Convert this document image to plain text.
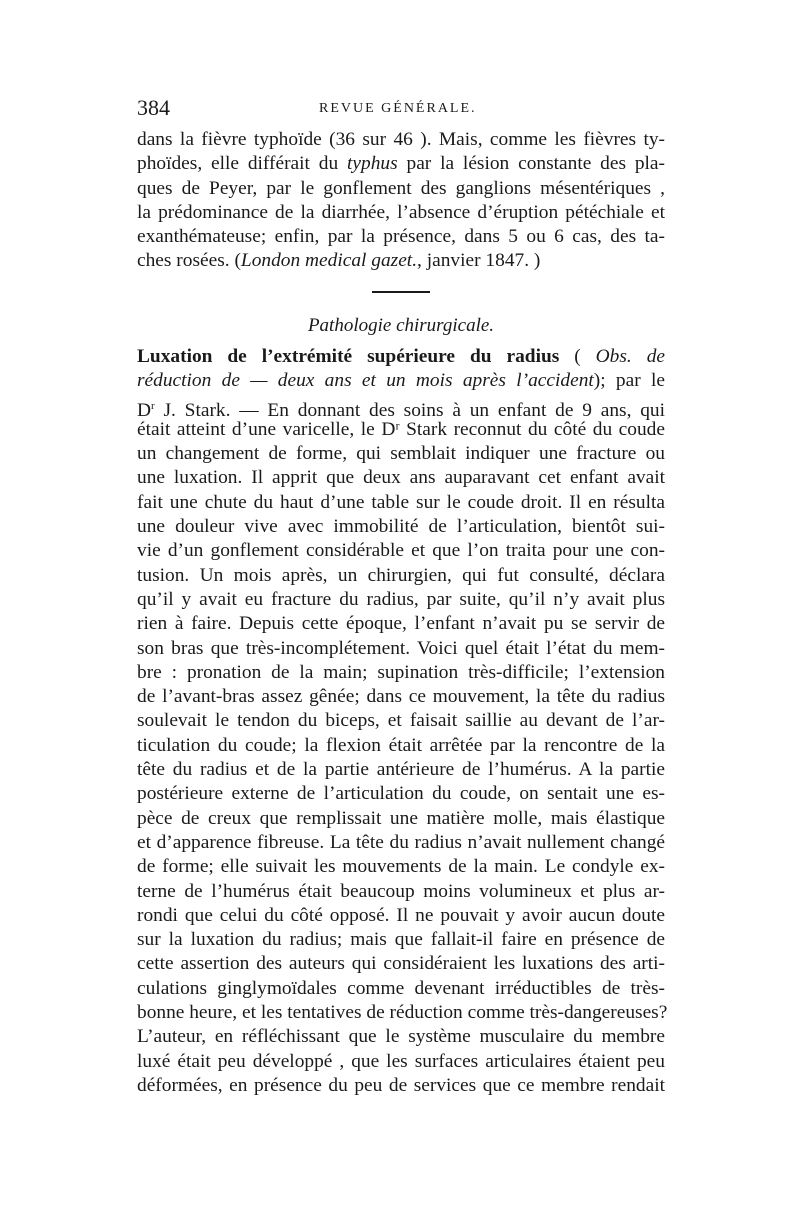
384	REVUE GÉNÉRALE.
dans la fièvre typhoïde (36 sur 46 ). Mais, comme les fièvres ty-
phoïdes, elle différait du typhus par la lésion constante des pla-
ques de Peyer, par le gonflement des ganglions mésentériques ,
la prédominance de la diarrhée, l’absence d’éruption pétéchiale et
exanthémateuse; enfin, par la présence, dans 5 ou 6 cas, des ta-
ches rosées. (London medical gazet., janvier 1847. )
Pathologie chirurgicale.
Luxation de l’extrémité supérieure du radius ( Obs. de
réduction de — deux ans et un mois après l’accident); par le
$D^r$ J. Stark. — En donnant des soins à un enfant de 9 ans, qui
était atteint d’une varicelle, le Dʳ Stark reconnut du côté du coude
un changement de forme, qui semblait indiquer une fracture ou
une luxation. Il apprit que deux ans auparavant cet enfant avait
fait une chute du haut d’une table sur le coude droit. Il en résulta
une douleur vive avec immobilité de l’articulation, bientôt sui-
vie d’un gonflement considérable et que l’on traita pour une con-
tusion. Un mois après, un chirurgien, qui fut consulté, déclara
qu’il y avait eu fracture du radius, par suite, qu’il n’y avait plus
rien à faire. Depuis cette époque, l’enfant n’avait pu se servir de
son bras que très-incomplétement. Voici quel était l’état du mem-
bre : pronation de la main; supination très-difficile; l’extension
de l’avant-bras assez gênée; dans ce mouvement, la tête du radius
soulevait le tendon du biceps, et faisait saillie au devant de l’ar-
ticulation du coude; la flexion était arrêtée par la rencontre de la
tête du radius et de la partie antérieure de l’humérus. A la partie
postérieure externe de l’articulation du coude, on sentait une es-
pèce de creux que remplissait une matière molle, mais élastique
et d’apparence fibreuse. La tête du radius n’avait nullement changé
de forme; elle suivait les mouvements de la main. Le condyle ex-
terne de l’humérus était beaucoup moins volumineux et plus ar-
rondi que celui du côté opposé. Il ne pouvait y avoir aucun doute
sur la luxation du radius; mais que fallait-il faire en présence de
cette assertion des auteurs qui considéraient les luxations des arti-
culations ginglymoïdales comme devenant irréductibles de très-
bonne heure, et les tentatives de réduction comme très-dangereuses?
L’auteur, en réfléchissant que le système musculaire du membre
luxé était peu développé , que les surfaces articulaires étaient peu
déformées, en présence du peu de services que ce membre rendait
